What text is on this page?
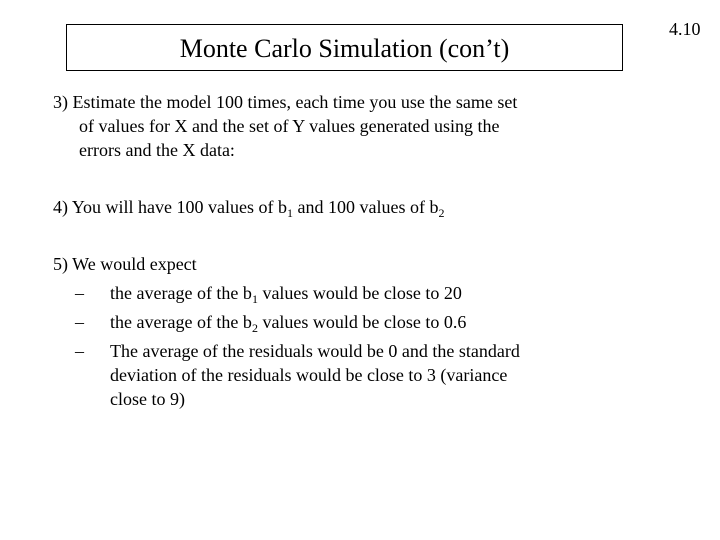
Monte Carlo Simulation (con’t)
4.10
3) Estimate the model 100 times, each time you use the same set
of values for X and the set of Y values generated using the
errors and the X data:
4) You will have 100 values of $b_1$ and 100 values of $b_2$
5) We would expect
– the average of the $b_1$ values would be close to 20
– the average of the $b_2$ values would be close to 0.6
– The average of the residuals would be 0 and the standard
deviation of the residuals would be close to 3 (variance
close to 9)
